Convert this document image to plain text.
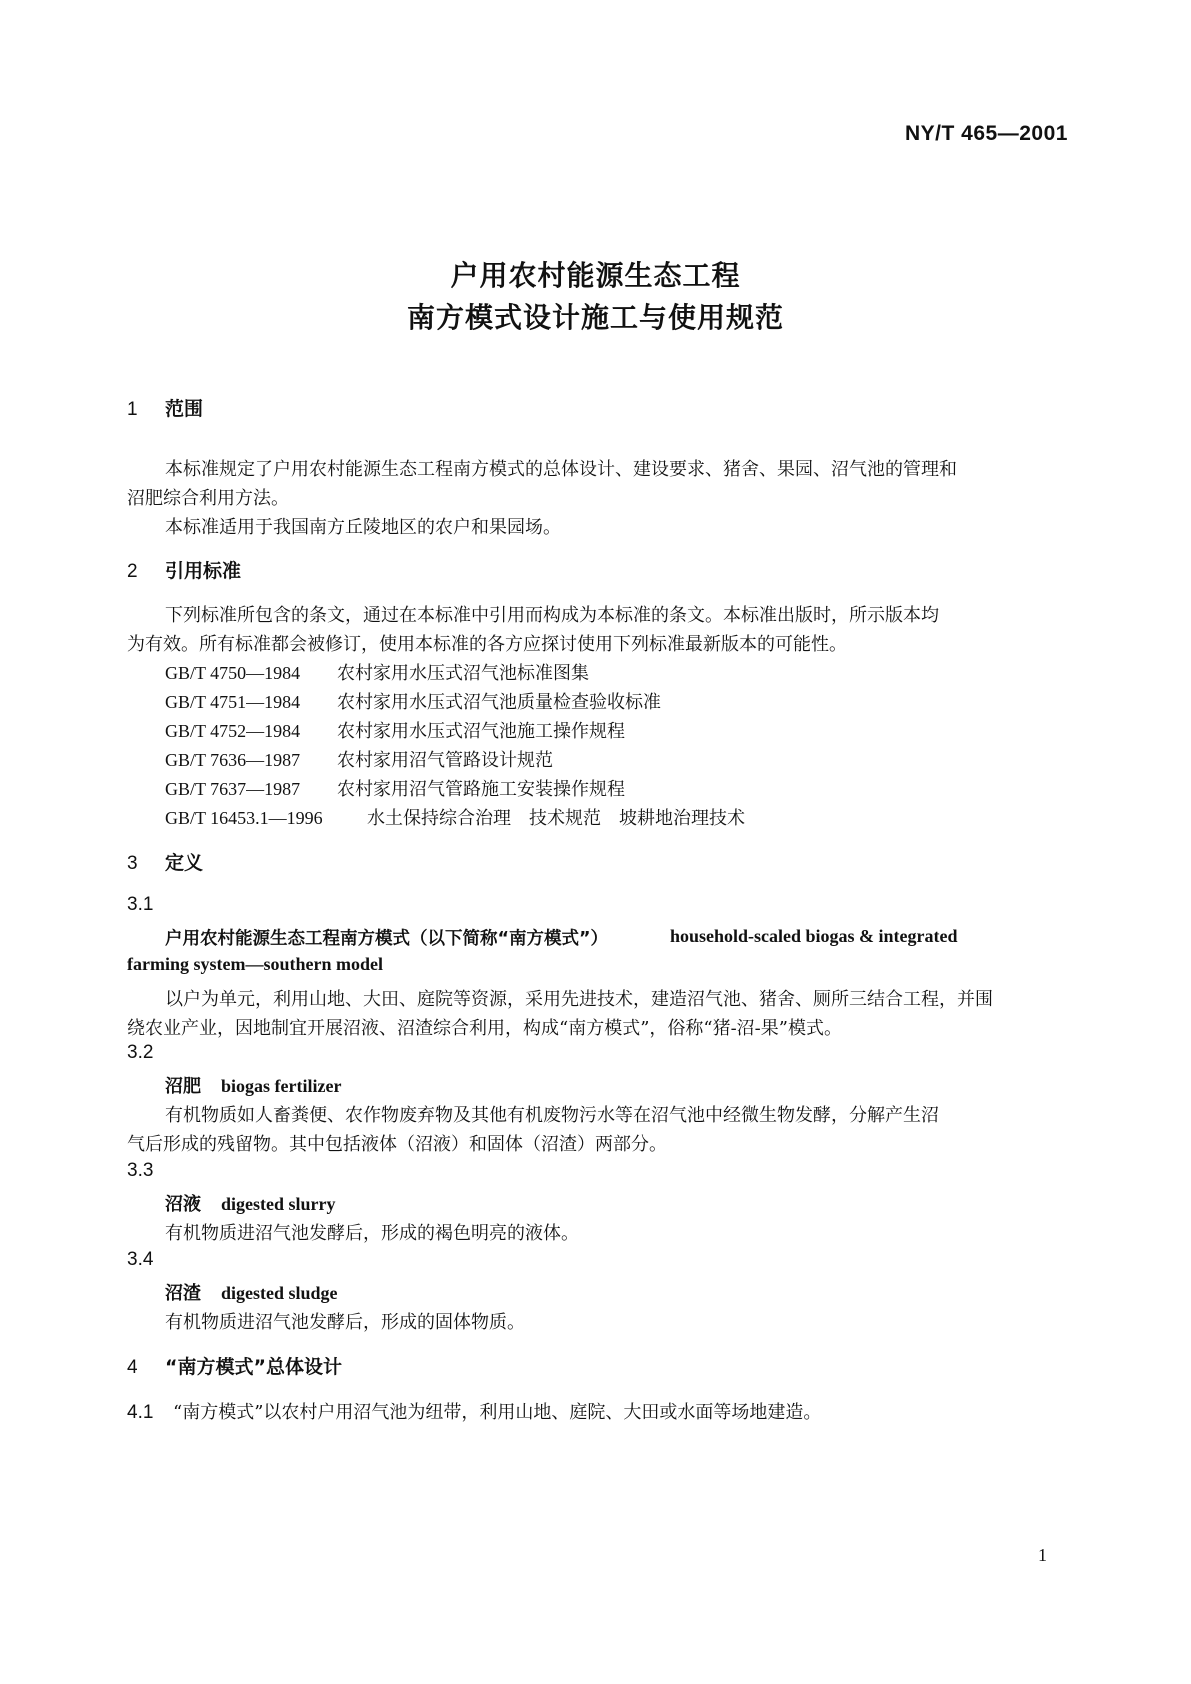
NY/T 465—2001
户用农村能源生态工程
南方模式设计施工与使用规范
1 范围
本标准规定了户用农村能源生态工程南方模式的总体设计、建设要求、猪舍、果园、沼气池的管理和
沼肥综合利用方法。
本标准适用于我国南方丘陵地区的农户和果园场。
2 引用标准
下列标准所包含的条文，通过在本标准中引用而构成为本标准的条文。本标准出版时，所示版本均
为有效。所有标准都会被修订，使用本标准的各方应探讨使用下列标准最新版本的可能性。
GB/T 4750—1984 农村家用水压式沼气池标准图集
GB/T 4751—1984 农村家用水压式沼气池质量检查验收标准
GB/T 4752—1984 农村家用水压式沼气池施工操作规程
GB/T 7636—1987 农村家用沼气管路设计规范
GB/T 7637—1987 农村家用沼气管路施工安装操作规程
GB/T 16453.1—1996 水土保持综合治理　技术规范　坡耕地治理技术
3 定义
3.1
户用农村能源生态工程南方模式（以下简称“南方模式”）	household-scaled biogas & integrated
farming system—southern model
以户为单元，利用山地、大田、庭院等资源，采用先进技术，建造沼气池、猪舍、厕所三结合工程，并围
绕农业产业，因地制宜开展沼液、沼渣综合利用，构成“南方模式”，俗称“猪-沼-果”模式。
3.2
沼肥 biogas fertilizer
有机物质如人畜粪便、农作物废弃物及其他有机废物污水等在沼气池中经微生物发酵，分解产生沼
气后形成的残留物。其中包括液体（沼液）和固体（沼渣）两部分。
3.3
沼液 digested slurry
有机物质进沼气池发酵后，形成的褐色明亮的液体。
3.4
沼渣 digested sludge
有机物质进沼气池发酵后，形成的固体物质。
4 “南方模式”总体设计
4.1 “南方模式”以农村户用沼气池为纽带，利用山地、庭院、大田或水面等场地建造。
1
